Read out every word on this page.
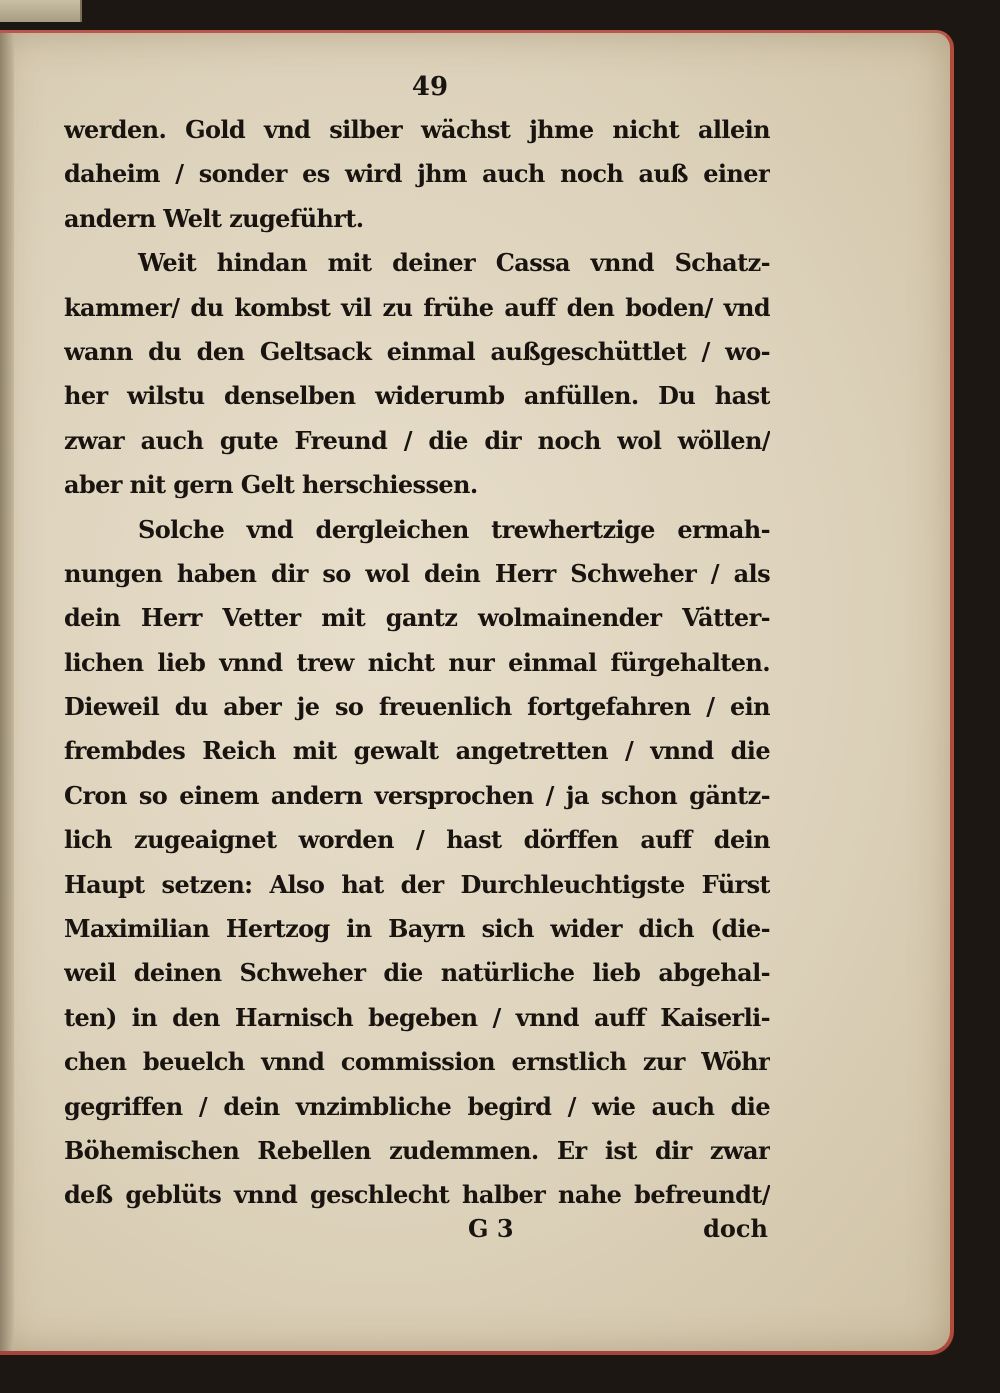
49
werden. Gold vnd silber wächst jhme nicht allein
daheim / sonder es wird jhm auch noch auß einer
andern Welt zugeführt.
Weit hindan mit deiner Cassa vnnd Schatz-
kammer/ du kombst vil zu frühe auff den boden/ vnd
wann du den Geltsack einmal außgeschüttlet / wo-
her wilstu denselben widerumb anfüllen. Du hast
zwar auch gute Freund / die dir noch wol wöllen/
aber nit gern Gelt herschiessen.
Solche vnd dergleichen trewhertzige ermah-
nungen haben dir so wol dein Herr Schweher / als
dein Herr Vetter mit gantz wolmainender Vätter-
lichen lieb vnnd trew nicht nur einmal fürgehalten.
Dieweil du aber je so freuenlich fortgefahren / ein
frembdes Reich mit gewalt angetretten / vnnd die
Cron so einem andern versprochen / ja schon gäntz-
lich zugeaignet worden / hast dörffen auff dein
Haupt setzen: Also hat der Durchleuchtigste Fürst
Maximilian Hertzog in Bayrn sich wider dich (die-
weil deinen Schweher die natürliche lieb abgehal-
ten) in den Harnisch begeben / vnnd auff Kaiserli-
chen beuelch vnnd commission ernstlich zur Wöhr
gegriffen / dein vnzimbliche begird / wie auch die
Böhemischen Rebellen zudemmen. Er ist dir zwar
deß geblüts vnnd geschlecht halber nahe befreundt/
G 3	doch
